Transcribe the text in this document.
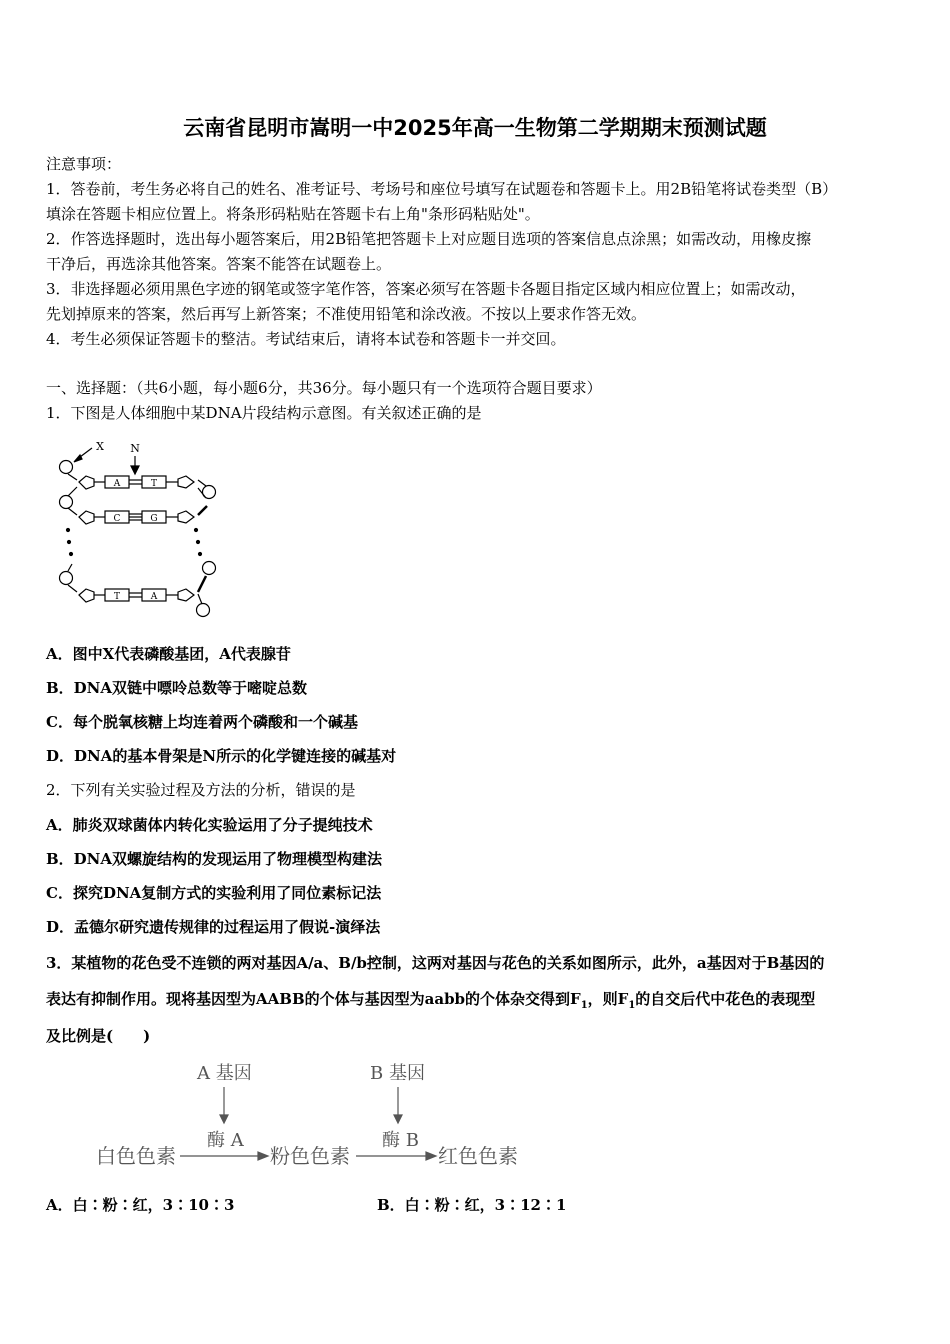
云南省昆明市嵩明一中2025年高一生物第二学期期末预测试题
注意事项：
1．答卷前，考生务必将自己的姓名、准考证号、考场号和座位号填写在试题卷和答题卡上。用2B铅笔将试卷类型（B）
填涂在答题卡相应位置上。将条形码粘贴在答题卡右上角"条形码粘贴处"。
2．作答选择题时，选出每小题答案后，用2B铅笔把答题卡上对应题目选项的答案信息点涂黑；如需改动，用橡皮擦
干净后，再选涂其他答案。答案不能答在试题卷上。
3．非选择题必须用黑色字迹的钢笔或签字笔作答，答案必须写在答题卡各题目指定区域内相应位置上；如需改动，
先划掉原来的答案，然后再写上新答案；不准使用铅笔和涂改液。不按以上要求作答无效。
4．考生必须保证答题卡的整洁。考试结束后，请将本试卷和答题卡一并交回。
一、选择题：（共6小题，每小题6分，共36分。每小题只有一个选项符合题目要求）
1．下图是人体细胞中某DNA片段结构示意图。有关叙述正确的是
X N
A	T
C	G
T	A
A．图中X代表磷酸基团，A代表腺苷
B．DNA双链中嘌呤总数等于嘧啶总数
C．每个脱氧核糖上均连着两个磷酸和一个碱基
D．DNA的基本骨架是N所示的化学键连接的碱基对
2．下列有关实验过程及方法的分析，错误的是
A．肺炎双球菌体内转化实验运用了分子提纯技术
B．DNA双螺旋结构的发现运用了物理模型构建法
C．探究DNA复制方式的实验利用了同位素标记法
D．孟德尔研究遗传规律的过程运用了假说-演绎法
3．某植物的花色受不连锁的两对基因A/a、B/b控制，这两对基因与花色的关系如图所示，此外，a基因对于B基因的
表达有抑制作用。现将基因型为AABB的个体与基因型为aabb的个体杂交得到$F_1$，则$F_1$的自交后代中花色的表现型
及比例是(　　)
A 基因	B 基因
酶 A	酶 B
白色色素	粉色色素	红色色素
A．白∶粉∶红，3∶10∶3	B．白∶粉∶红，3∶12∶1
